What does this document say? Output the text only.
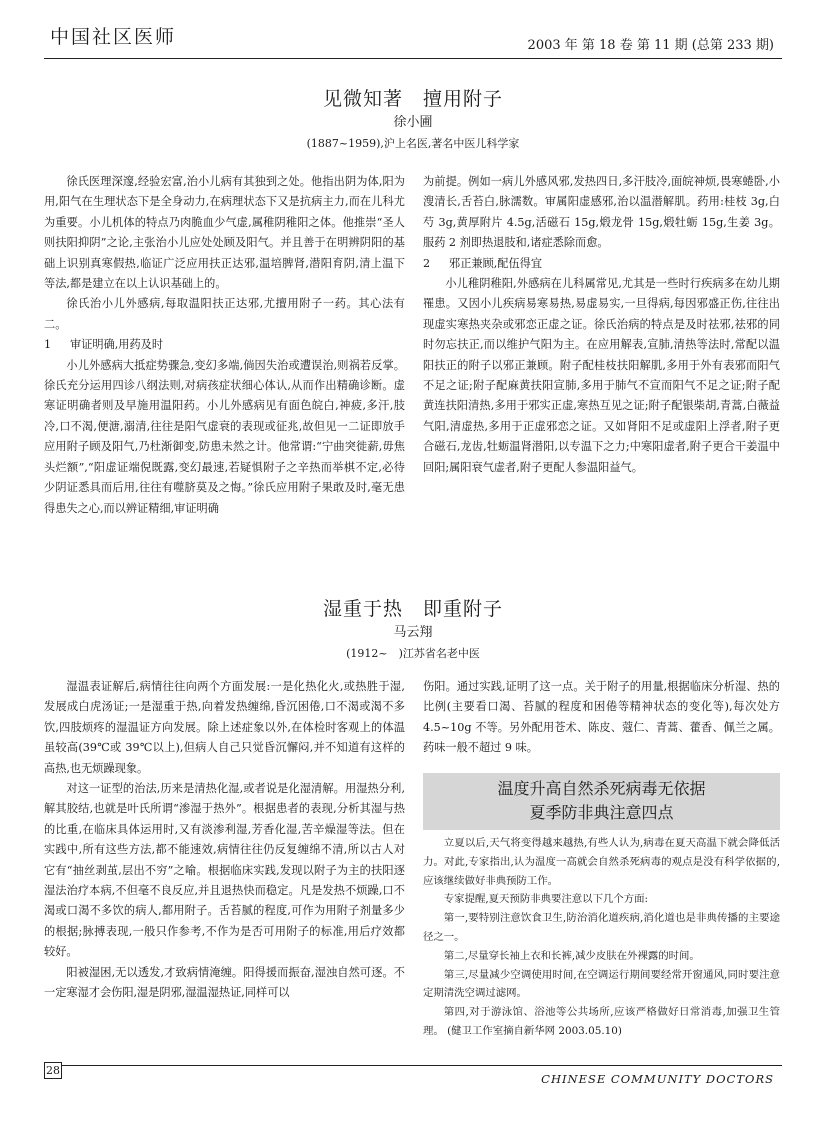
中国社区医师	2003 年 第 18 卷 第 11 期 (总第 233 期)
见微知著　擅用附子
徐小圃
(1887~1959),沪上名医,著名中医儿科学家

徐氏医理深邃,经验宏富,治小儿病有其独到之处。他指出阴为体,阳为用,阳气在生理状态下是全身动力,在病理状态下又是抗病主力,而在儿科尤为重要。小儿机体的特点乃肉脆血少气虚,属稚阴稚阳之体。他推崇“圣人则扶阳抑阴”之论,主张治小儿应处处顾及阳气。并且善于在明辨阴阳的基础上识别真寒假热,临证广泛应用扶正达邪,温培脾肾,潜阳育阴,清上温下等法,都是建立在以上认识基础上的。

徐氏治小儿外感病,每取温阳扶正达邪,尤擅用附子一药。其心法有二。

1 审证明确,用药及时

小儿外感病大抵症势骤急,变幻多端,倘因失治或遭误治,则祸若反掌。徐氏充分运用四诊八纲法则,对病孩症状细心体认,从而作出精确诊断。虚寒证明确者则及早施用温阳药。小儿外感病见有面色皖白,神疲,多汗,肢冷,口不渴,便溏,溺清,往往是阳气虚衰的表现或征兆,故但见一二证即放手应用附子顾及阳气,乃杜渐御变,防患未然之计。他常谓:“宁曲突徙薪,毋焦头烂额”,“阳虚证端倪既露,变幻最速,若疑惧附子之辛热而举棋不定,必待少阴证悉具而后用,往往有噬脐莫及之悔。”徐氏应用附子果敢及时,毫无患得患失之心,而以辨证精细,审证明确

为前提。例如一病儿外感风邪,发热四日,多汗肢冷,面皖神烦,畏寒蜷卧,小溲清长,舌苔白,脉濡数。审属阳虚感邪,治以温潜解肌。药用:桂枝 3g,白芍 3g,黄厚附片 4.5g,活磁石 15g,煅龙骨 15g,煅牡蛎 15g,生姜 3g。服药 2 剂即热退肢和,诸症悉除而愈。

2 邪正兼顾,配伍得宜

小儿稚阴稚阳,外感病在儿科属常见,尤其是一些时行疾病多在幼儿期罹患。又因小儿疾病易寒易热,易虚易实,一旦得病,每因邪盛正伤,往往出现虚实寒热夹杂或邪恋正虚之证。徐氏治病的特点是及时祛邪,祛邪的同时勿忘扶正,而以维护气阳为主。在应用解表,宣肺,清热等法时,常配以温阳扶正的附子以邪正兼顾。附子配桂枝扶阳解肌,多用于外有表邪而阳气不足之证;附子配麻黄扶阳宣肺,多用于肺气不宣而阳气不足之证;附子配黄连扶阳清热,多用于邪实正虚,寒热互见之证;附子配银柴胡,青蒿,白薇益气阳,清虚热,多用于正虚邪恋之证。又如肾阳不足或虚阳上浮者,附子更合磁石,龙齿,牡蛎温肾潜阳,以专温下之力;中寒阳虚者,附子更合干姜温中回阳;属阳衰气虚者,附子更配人参温阳益气。

湿重于热　即重附子
马云翔
(1912~　)江苏省名老中医

湿温表证解后,病情往往向两个方面发展:一是化热化火,或热胜于湿,发展成白虎汤证;一是湿重于热,向着发热缠绵,昏沉困倦,口不渴或渴不多饮,四肢烦疼的湿温证方向发展。除上述症象以外,在体检时客观上的体温虽较高(39℃或 39℃以上),但病人自己只觉昏沉懈闷,并不知道有这样的高热,也无烦躁现象。

对这一证型的治法,历来是清热化湿,或者说是化湿清解。用湿热分利,解其胶结,也就是叶氏所谓“渗湿于热外”。根据患者的表现,分析其湿与热的比重,在临床具体运用时,又有淡渗利湿,芳香化湿,苦辛燥湿等法。但在实践中,所有这些方法,都不能速效,病情往往仍反复缠绵不清,所以古人对它有“抽丝剥茧,层出不穷”之喻。根据临床实践,发现以附子为主的扶阳逐湿法治疗本病,不但毫不良反应,并且退热快而稳定。凡是发热不烦躁,口不渴或口渴不多饮的病人,都用附子。舌苔腻的程度,可作为用附子剂量多少的根据;脉搏表现,一般只作参考,不作为是否可用附子的标准,用后疗效都较好。

阳被湿困,无以透发,才致病情淹缠。阳得援而振奋,湿浊自然可逐。不一定寒湿才会伤阳,湿是阴邪,湿温湿热证,同样可以

伤阳。通过实践,证明了这一点。关于附子的用量,根据临床分析湿、热的比例(主要看口渴、苔腻的程度和困倦等精神状态的变化等),每次处方 4.5~10g 不等。另外配用苍术、陈皮、蔻仁、青蒿、藿香、佩兰之属。药味一般不超过 9 味。

温度升高自然杀死病毒无依据
夏季防非典注意四点

立夏以后,天气将变得越来越热,有些人认为,病毒在夏天高温下就会降低活力。对此,专家指出,认为温度一高就会自然杀死病毒的观点是没有科学依据的,应该继续做好非典预防工作。

专家提醒,夏天预防非典要注意以下几个方面:

第一,要特别注意饮食卫生,防治消化道疾病,消化道也是非典传播的主要途径之一。

第二,尽量穿长袖上衣和长裤,减少皮肤在外裸露的时间。

第三,尽量减少空调使用时间,在空调运行期间要经常开窗通风,同时要注意定期清洗空调过滤网。

第四,对于游泳馆、浴池等公共场所,应该严格做好日常消毒,加强卫生管理。 (健卫工作室摘自新华网 2003.05.10)

28
CHINESE COMMUNITY DOCTORS
